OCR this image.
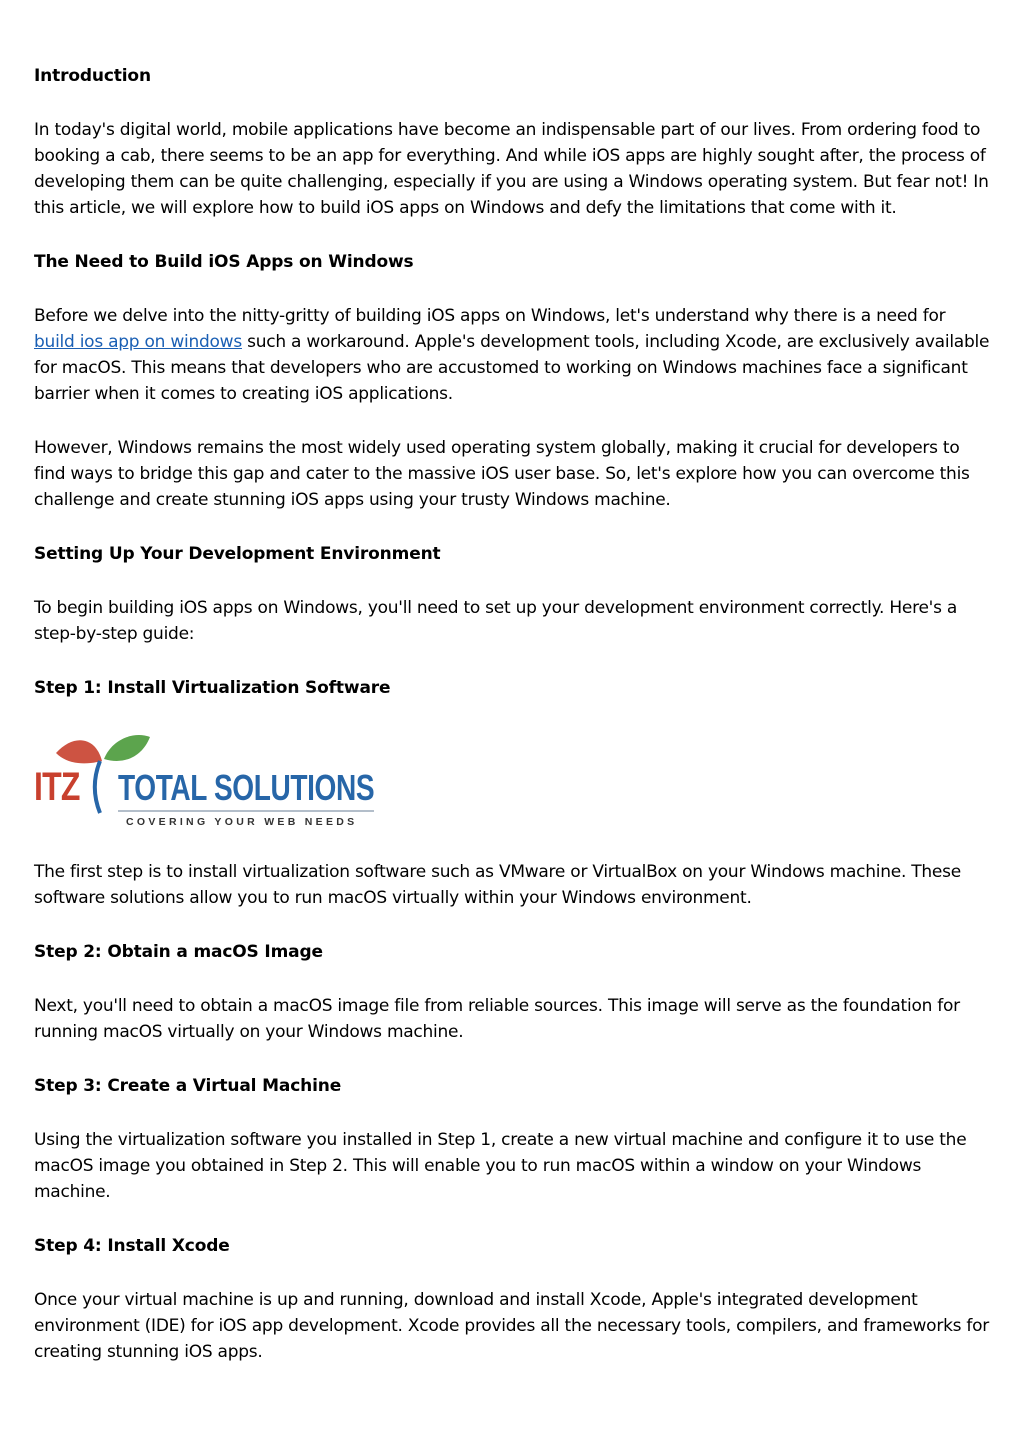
Introduction

In today's digital world, mobile applications have become an indispensable part of our lives. From ordering food to booking a cab, there seems to be an app for everything. And while iOS apps are highly sought after, the process of developing them can be quite challenging, especially if you are using a Windows operating system. But fear not! In this article, we will explore how to build iOS apps on Windows and defy the limitations that come with it.

The Need to Build iOS Apps on Windows

Before we delve into the nitty-gritty of building iOS apps on Windows, let's understand why there is a need for build ios app on windows such a workaround. Apple's development tools, including Xcode, are exclusively available for macOS. This means that developers who are accustomed to working on Windows machines face a significant barrier when it comes to creating iOS applications.

However, Windows remains the most widely used operating system globally, making it crucial for developers to find ways to bridge this gap and cater to the massive iOS user base. So, let's explore how you can overcome this challenge and create stunning iOS apps using your trusty Windows machine.

Setting Up Your Development Environment

To begin building iOS apps on Windows, you'll need to set up your development environment correctly. Here's a step-by-step guide:

Step 1: Install Virtualization Software
ITZ TOTAL SOLUTIONS
COVERING YOUR WEB NEEDS

The first step is to install virtualization software such as VMware or VirtualBox on your Windows machine. These software solutions allow you to run macOS virtually within your Windows environment.

Step 2: Obtain a macOS Image

Next, you'll need to obtain a macOS image file from reliable sources. This image will serve as the foundation for running macOS virtually on your Windows machine.

Step 3: Create a Virtual Machine

Using the virtualization software you installed in Step 1, create a new virtual machine and configure it to use the macOS image you obtained in Step 2. This will enable you to run macOS within a window on your Windows machine.

Step 4: Install Xcode

Once your virtual machine is up and running, download and install Xcode, Apple's integrated development environment (IDE) for iOS app development. Xcode provides all the necessary tools, compilers, and frameworks for creating stunning iOS apps.
